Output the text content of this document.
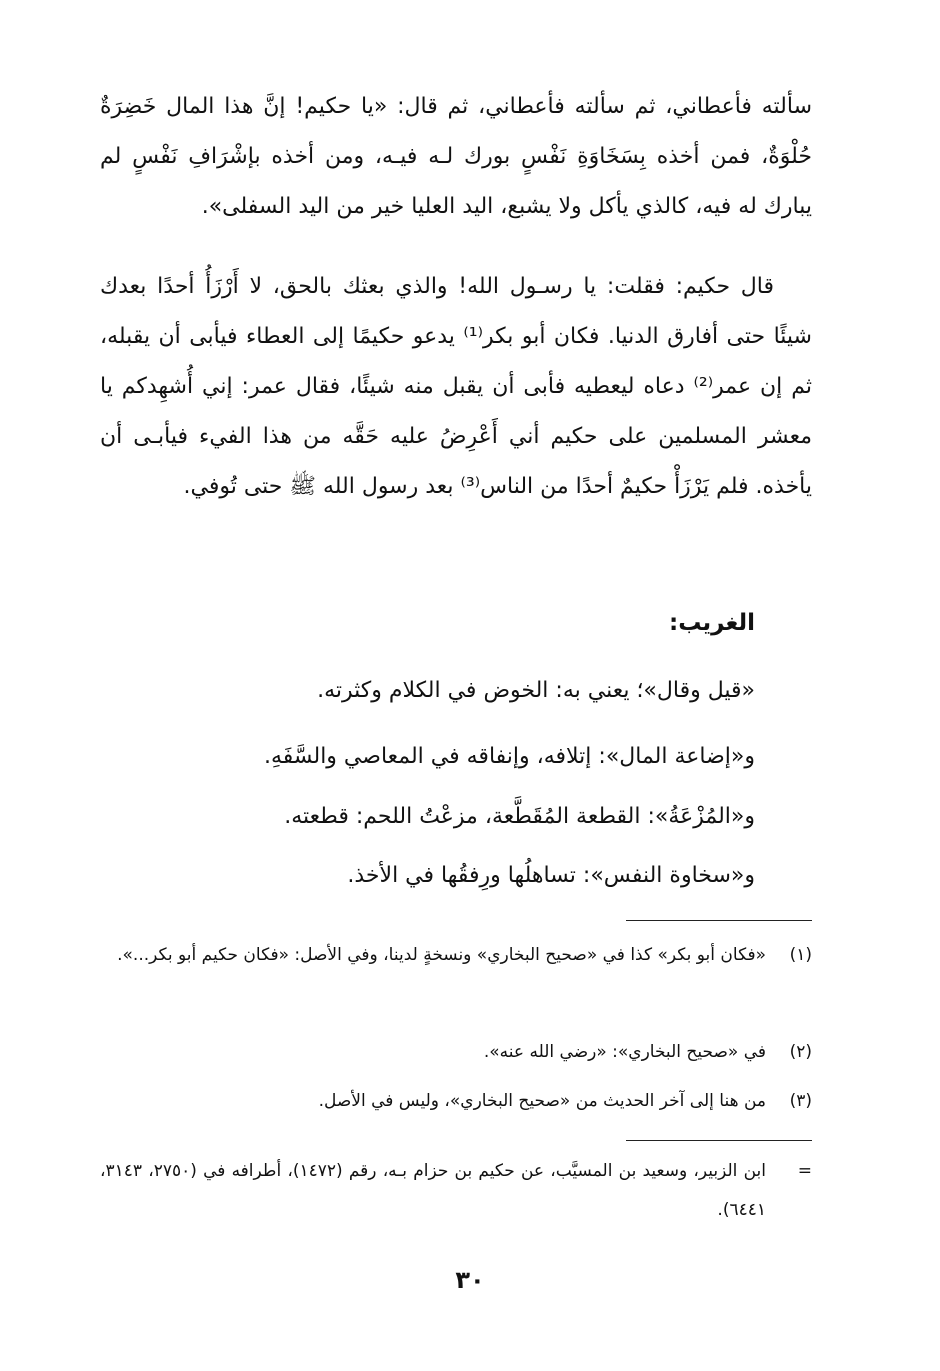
سألته فأعطاني، ثم سألته فأعطاني، ثم قال: «يا حكيم! إنَّ هذا المال خَضِرَةٌ حُلْوَةٌ، فمن أخذه بِسَخَاوَةِ نَفْسٍ بورك لـه فيـه، ومن أخذه بإشْرَافِ نَفْسٍ لم يبارك له فيه، كالذي يأكل ولا يشبع، اليد العليا خير من اليد السفلى».

قال حكيم: فقلت: يا رسـول الله! والذي بعثك بالحق، لا أَرْزَأُ أحدًا بعدك شيئًا حتى أفارق الدنيا. فكان أبو بكر⁽¹⁾ يدعو حكيمًا إلى العطاء فيأبى أن يقبله، ثم إن عمر⁽²⁾ دعاه ليعطيه فأبى أن يقبل منه شيئًا، فقال عمر: إني أُشهِدكم يا معشر المسلمين على حكيم أني أَعْرِضُ عليه حَقَّه من هذا الفيء فيأبـى أن يأخذه. فلم يَرْزَأْ حكيمٌ أحدًا من الناس⁽³⁾ بعد رسول الله ﷺ حتى تُوفي.

الغريب:

«قيل وقال»؛ يعني به: الخوض في الكلام وكثرته.

و«إضاعة المال»: إتلافه، وإنفاقه في المعاصي والسَّفَهِ.

و«المُزْعَةُ»: القطعة المُقَطَّعة، مزعْتُ اللحم: قطعته.

و«سخاوة النفس»: تساهلُها ورِفقُها في الأخذ.

(١)
«فكان أبو بكر» كذا في «صحيح البخاري» ونسخةٍ لدينا، وفي الأصل: «فكان حكيم أبو بكر...».
(٢)
في «صحيح البخاري»: «رضي الله عنه».
(٣)
من هنا إلى آخر الحديث من «صحيح البخاري»، وليس في الأصل.
=
ابن الزبير، وسعيد بن المسيَّب، عن حكيم بن حزام بـه، رقم (١٤٧٢)، أطرافه في (٢٧٥٠، ٣١٤٣، ٦٤٤١).
٣٠
